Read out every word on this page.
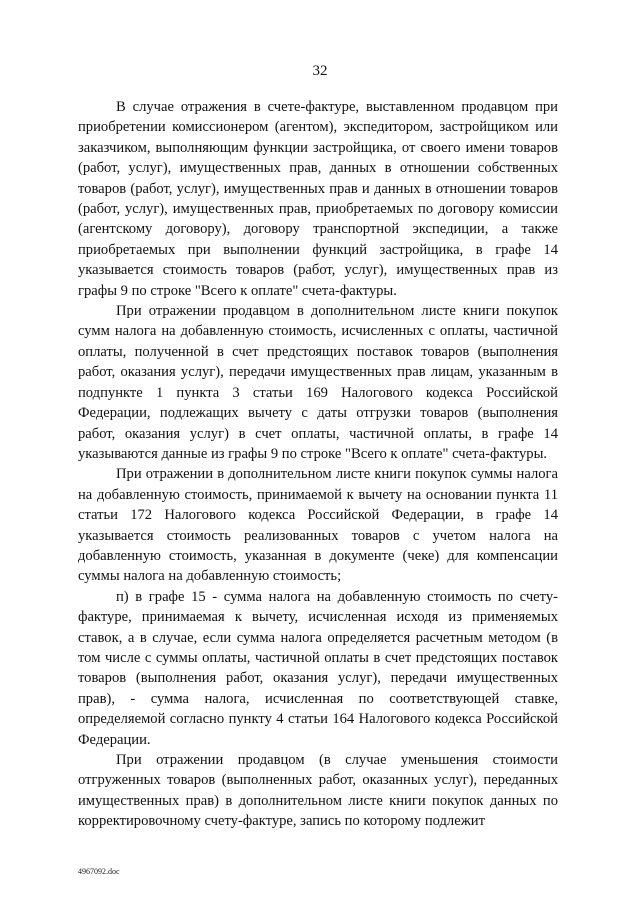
32

В случае отражения в счете-фактуре, выставленном продавцом при приобретении комиссионером (агентом), экспедитором, застройщиком или заказчиком, выполняющим функции застройщика, от своего имени товаров (работ, услуг), имущественных прав, данных в отношении собственных товаров (работ, услуг), имущественных прав и данных в отношении товаров (работ, услуг), имущественных прав, приобретаемых по договору комиссии (агентскому договору), договору транспортной экспедиции, а также приобретаемых при выполнении функций застройщика, в графе 14 указывается стоимость товаров (работ, услуг), имущественных прав из графы 9 по строке "Всего к оплате" счета-фактуры.

При отражении продавцом в дополнительном листе книги покупок сумм налога на добавленную стоимость, исчисленных с оплаты, частичной оплаты, полученной в счет предстоящих поставок товаров (выполнения работ, оказания услуг), передачи имущественных прав лицам, указанным в подпункте 1 пункта 3 статьи 169 Налогового кодекса Российской Федерации, подлежащих вычету с даты отгрузки товаров (выполнения работ, оказания услуг) в счет оплаты, частичной оплаты, в графе 14 указываются данные из графы 9 по строке "Всего к оплате" счета-фактуры.

При отражении в дополнительном листе книги покупок суммы налога на добавленную стоимость, принимаемой к вычету на основании пункта 11 статьи 172 Налогового кодекса Российской Федерации, в графе 14 указывается стоимость реализованных товаров с учетом налога на добавленную стоимость, указанная в документе (чеке) для компенсации суммы налога на добавленную стоимость;

п) в графе 15 - сумма налога на добавленную стоимость по счету-фактуре, принимаемая к вычету, исчисленная исходя из применяемых ставок, а в случае, если сумма налога определяется расчетным методом (в том числе с суммы оплаты, частичной оплаты в счет предстоящих поставок товаров (выполнения работ, оказания услуг), передачи имущественных прав), - сумма налога, исчисленная по соответствующей ставке, определяемой согласно пункту 4 статьи 164 Налогового кодекса Российской Федерации.

При отражении продавцом (в случае уменьшения стоимости отгруженных товаров (выполненных работ, оказанных услуг), переданных имущественных прав) в дополнительном листе книги покупок данных по корректировочному счету-фактуре, запись по которому подлежит

4967092.doc
